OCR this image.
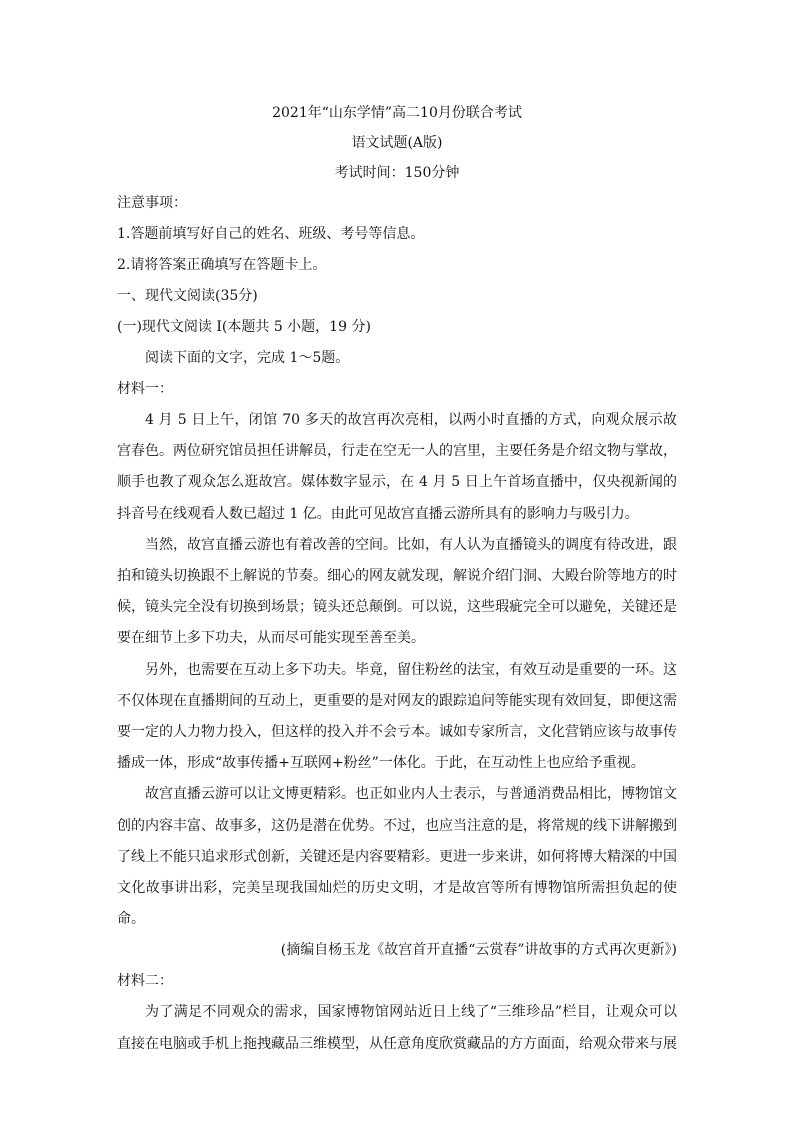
2021年“山东学情”高二10月份联合考试
语文试题(A版)
考试时间：150分钟
注意事项：
1.答题前填写好自己的姓名、班级、考号等信息。
2.请将答案正确填写在答题卡上。
一、现代文阅读(35分)
(一)现代文阅读 I(本题共 5 小题，19 分)
阅读下面的文字，完成 1～5题。
材料一：

4 月 5 日上午，闭馆 70 多天的故宫再次亮相，以两小时直播的方式，向观众展示故宫春色。两位研究馆员担任讲解员，行走在空无一人的宫里，主要任务是介绍文物与掌故，顺手也教了观众怎么逛故宫。媒体数字显示，在 4 月 5 日上午首场直播中，仅央视新闻的抖音号在线观看人数已超过 1 亿。由此可见故宫直播云游所具有的影响力与吸引力。

当然，故宫直播云游也有着改善的空间。比如，有人认为直播镜头的调度有待改进，跟拍和镜头切换跟不上解说的节奏。细心的网友就发现，解说介绍门洞、大殿台阶等地方的时候，镜头完全没有切换到场景；镜头还总颠倒。可以说，这些瑕疵完全可以避免，关键还是要在细节上多下功夫，从而尽可能实现至善至美。

另外，也需要在互动上多下功夫。毕竟，留住粉丝的法宝，有效互动是重要的一环。这不仅体现在直播期间的互动上，更重要的是对网友的跟踪追问等能实现有效回复，即便这需要一定的人力物力投入，但这样的投入并不会亏本。诚如专家所言，文化营销应该与故事传播成一体，形成“故事传播+互联网+粉丝”一体化。于此，在互动性上也应给予重视。

故宫直播云游可以让文博更精彩。也正如业内人士表示，与普通消费品相比，博物馆文创的内容丰富、故事多，这仍是潜在优势。不过，也应当注意的是，将常规的线下讲解搬到了线上不能只追求形式创新，关键还是内容要精彩。更进一步来讲，如何将博大精深的中国文化故事讲出彩，完美呈现我国灿烂的历史文明，才是故宫等所有博物馆所需担负起的使命。

(摘编自杨玉龙《故宫首开直播“云赏春”讲故事的方式再次更新》)
材料二：

为了满足不同观众的需求，国家博物馆网站近日上线了“三维珍品”栏目，让观众可以直接在电脑或手机上拖拽藏品三维模型，从任意角度欣赏藏品的方方面面，给观众带来与展
